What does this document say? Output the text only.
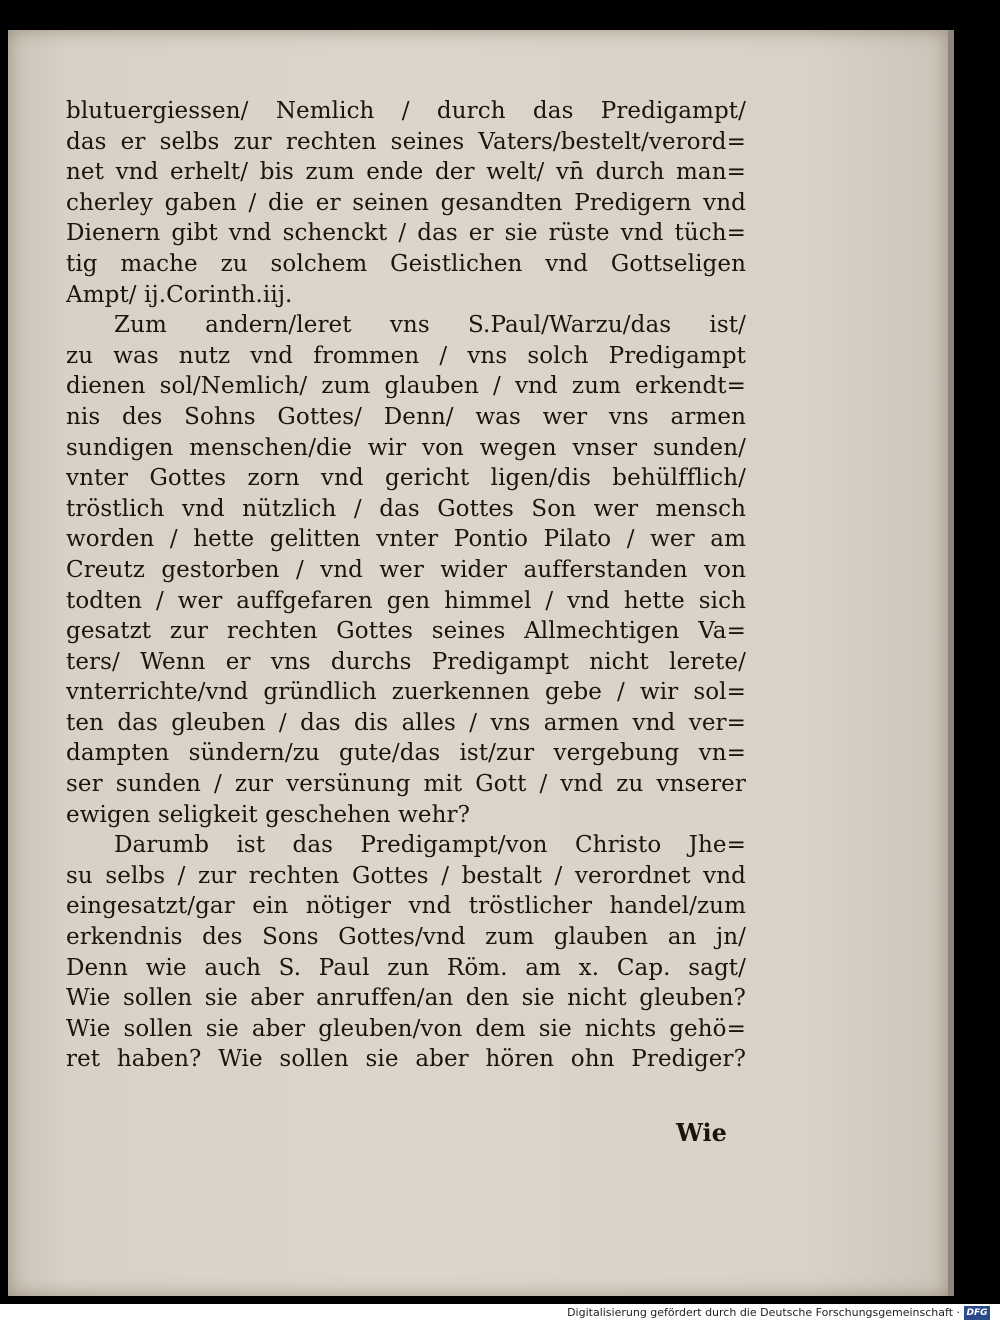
blutuergiessen/ Nemlich / durch das Predigampt/
das er selbs zur rechten seines Vaters/bestelt/verord=
net vnd erhelt/ bis zum ende der welt/ vn̄ durch man=
cherley gaben / die er seinen gesandten Predigern vnd
Dienern gibt vnd schenckt / das er sie rüste vnd tüch=
tig mache zu solchem Geistlichen vnd Gottseligen
Ampt/ ij.Corinth.iij.
Zum andern/leret vns S.Paul/Warzu/das ist/
zu was nutz vnd frommen / vns solch Predigampt
dienen sol/Nemlich/ zum glauben / vnd zum erkendt=
nis des Sohns Gottes/ Denn/ was wer vns armen
sundigen menschen/die wir von wegen vnser sunden/
vnter Gottes zorn vnd gericht ligen/dis behülfflich/
tröstlich vnd nützlich / das Gottes Son wer mensch
worden / hette gelitten vnter Pontio Pilato / wer am
Creutz gestorben / vnd wer wider aufferstanden von
todten / wer auffgefaren gen himmel / vnd hette sich
gesatzt zur rechten Gottes seines Allmechtigen Va=
ters/ Wenn er vns durchs Predigampt nicht lerete/
vnterrichte/vnd gründlich zuerkennen gebe / wir sol=
ten das gleuben / das dis alles / vns armen vnd ver=
dampten sündern/zu gute/das ist/zur vergebung vn=
ser sunden / zur versünung mit Gott / vnd zu vnserer
ewigen seligkeit geschehen wehr?
Darumb ist das Predigampt/von Christo Jhe=
su selbs / zur rechten Gottes / bestalt / verordnet vnd
eingesatzt/gar ein nötiger vnd tröstlicher handel/zum
erkendnis des Sons Gottes/vnd zum glauben an jn/
Denn wie auch S. Paul zun Röm. am x. Cap. sagt/
Wie sollen sie aber anruffen/an den sie nicht gleuben?
Wie sollen sie aber gleuben/von dem sie nichts gehö=
ret haben? Wie sollen sie aber hören ohn Prediger?
Wie
Digitalisierung gefördert durch die Deutsche Forschungsgemeinschaft · DFG
